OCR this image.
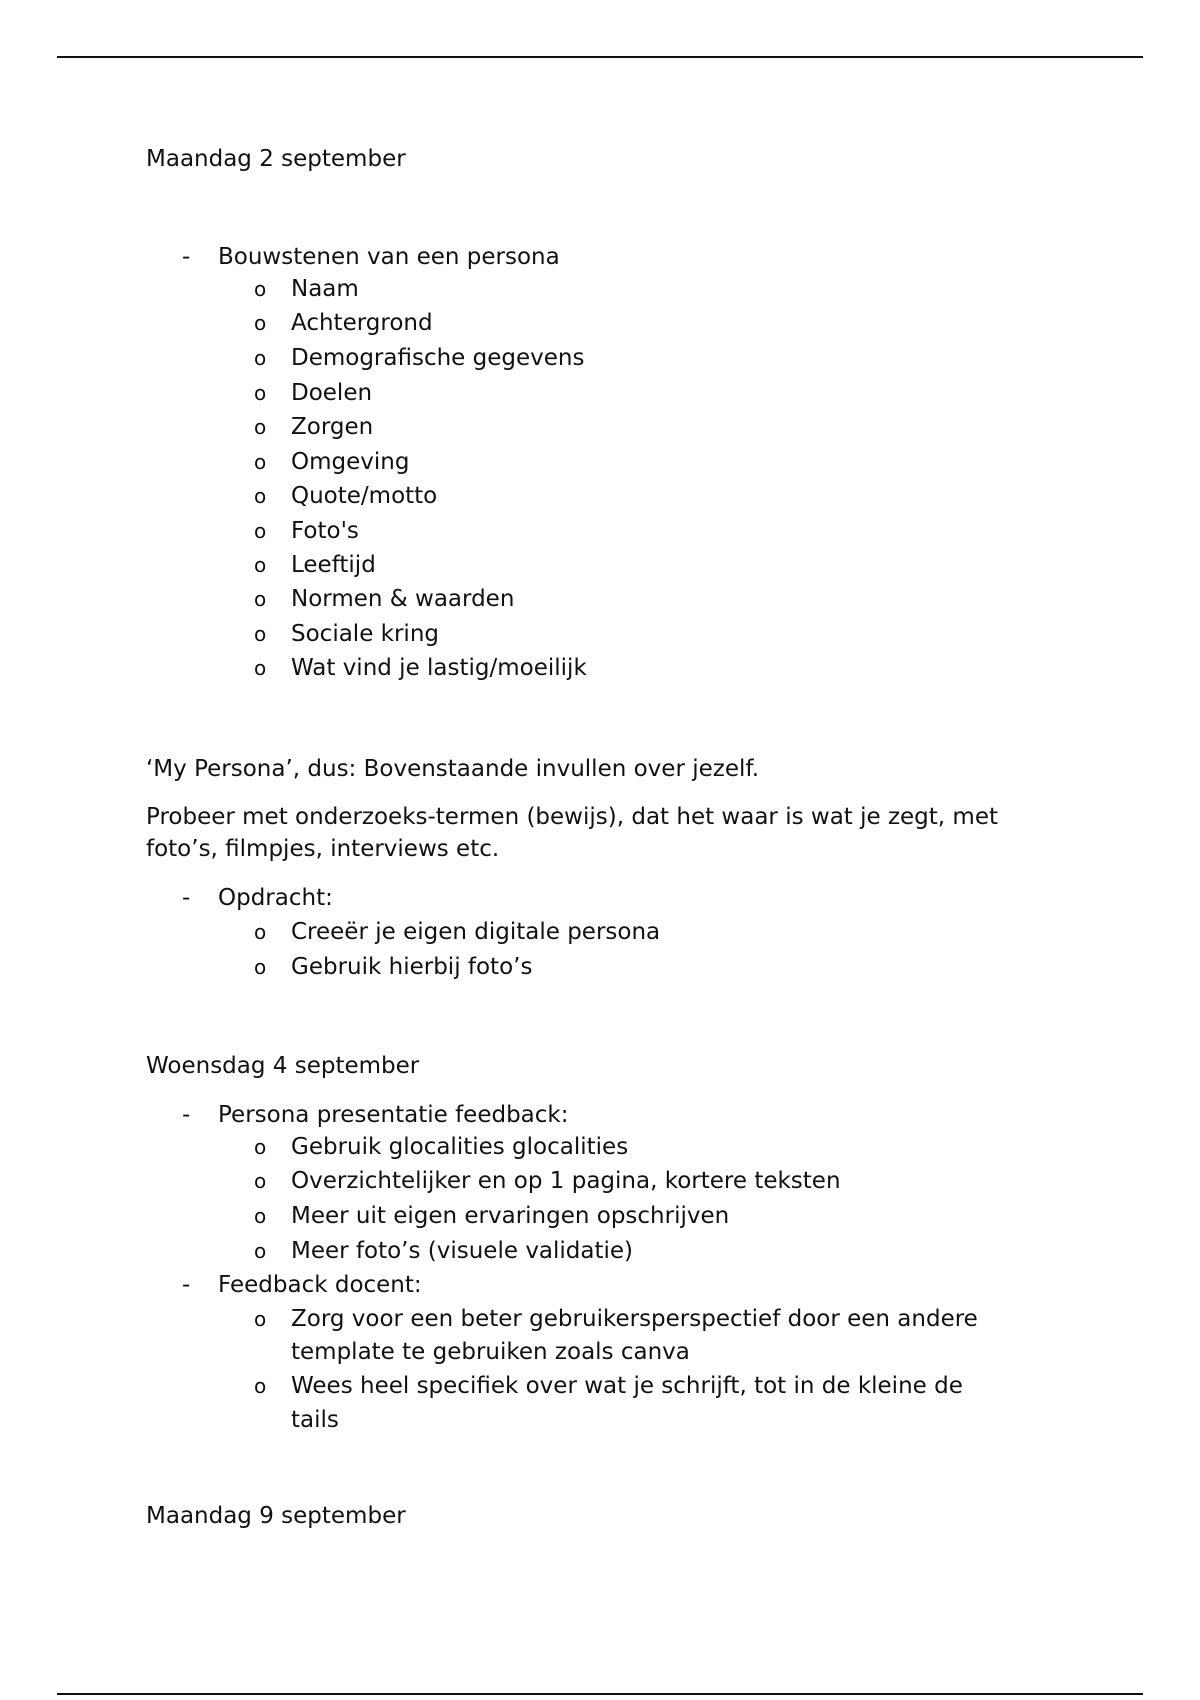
Maandag 2 september
- Bouwstenen van een persona
o Naam
o Achtergrond
o Demografische gegevens
o Doelen
o Zorgen
o Omgeving
o Quote/motto
o Foto's
o Leeftijd
o Normen & waarden
o Sociale kring
o Wat vind je lastig/moeilijk
‘My Persona’, dus: Bovenstaande invullen over jezelf.
Probeer met onderzoeks-termen (bewijs), dat het waar is wat je zegt, met
foto’s, filmpjes, interviews etc.
- Opdracht:
o Creeër je eigen digitale persona
o Gebruik hierbij foto’s
Woensdag 4 september
- Persona presentatie feedback:
o Gebruik glocalities glocalities
o Overzichtelijker en op 1 pagina, kortere teksten
o Meer uit eigen ervaringen opschrijven
o Meer foto’s (visuele validatie)
- Feedback docent:
o Zorg voor een beter gebruikersperspectief door een andere
template te gebruiken zoals canva
o Wees heel specifiek over wat je schrijft, tot in de kleine de
tails
Maandag 9 september
